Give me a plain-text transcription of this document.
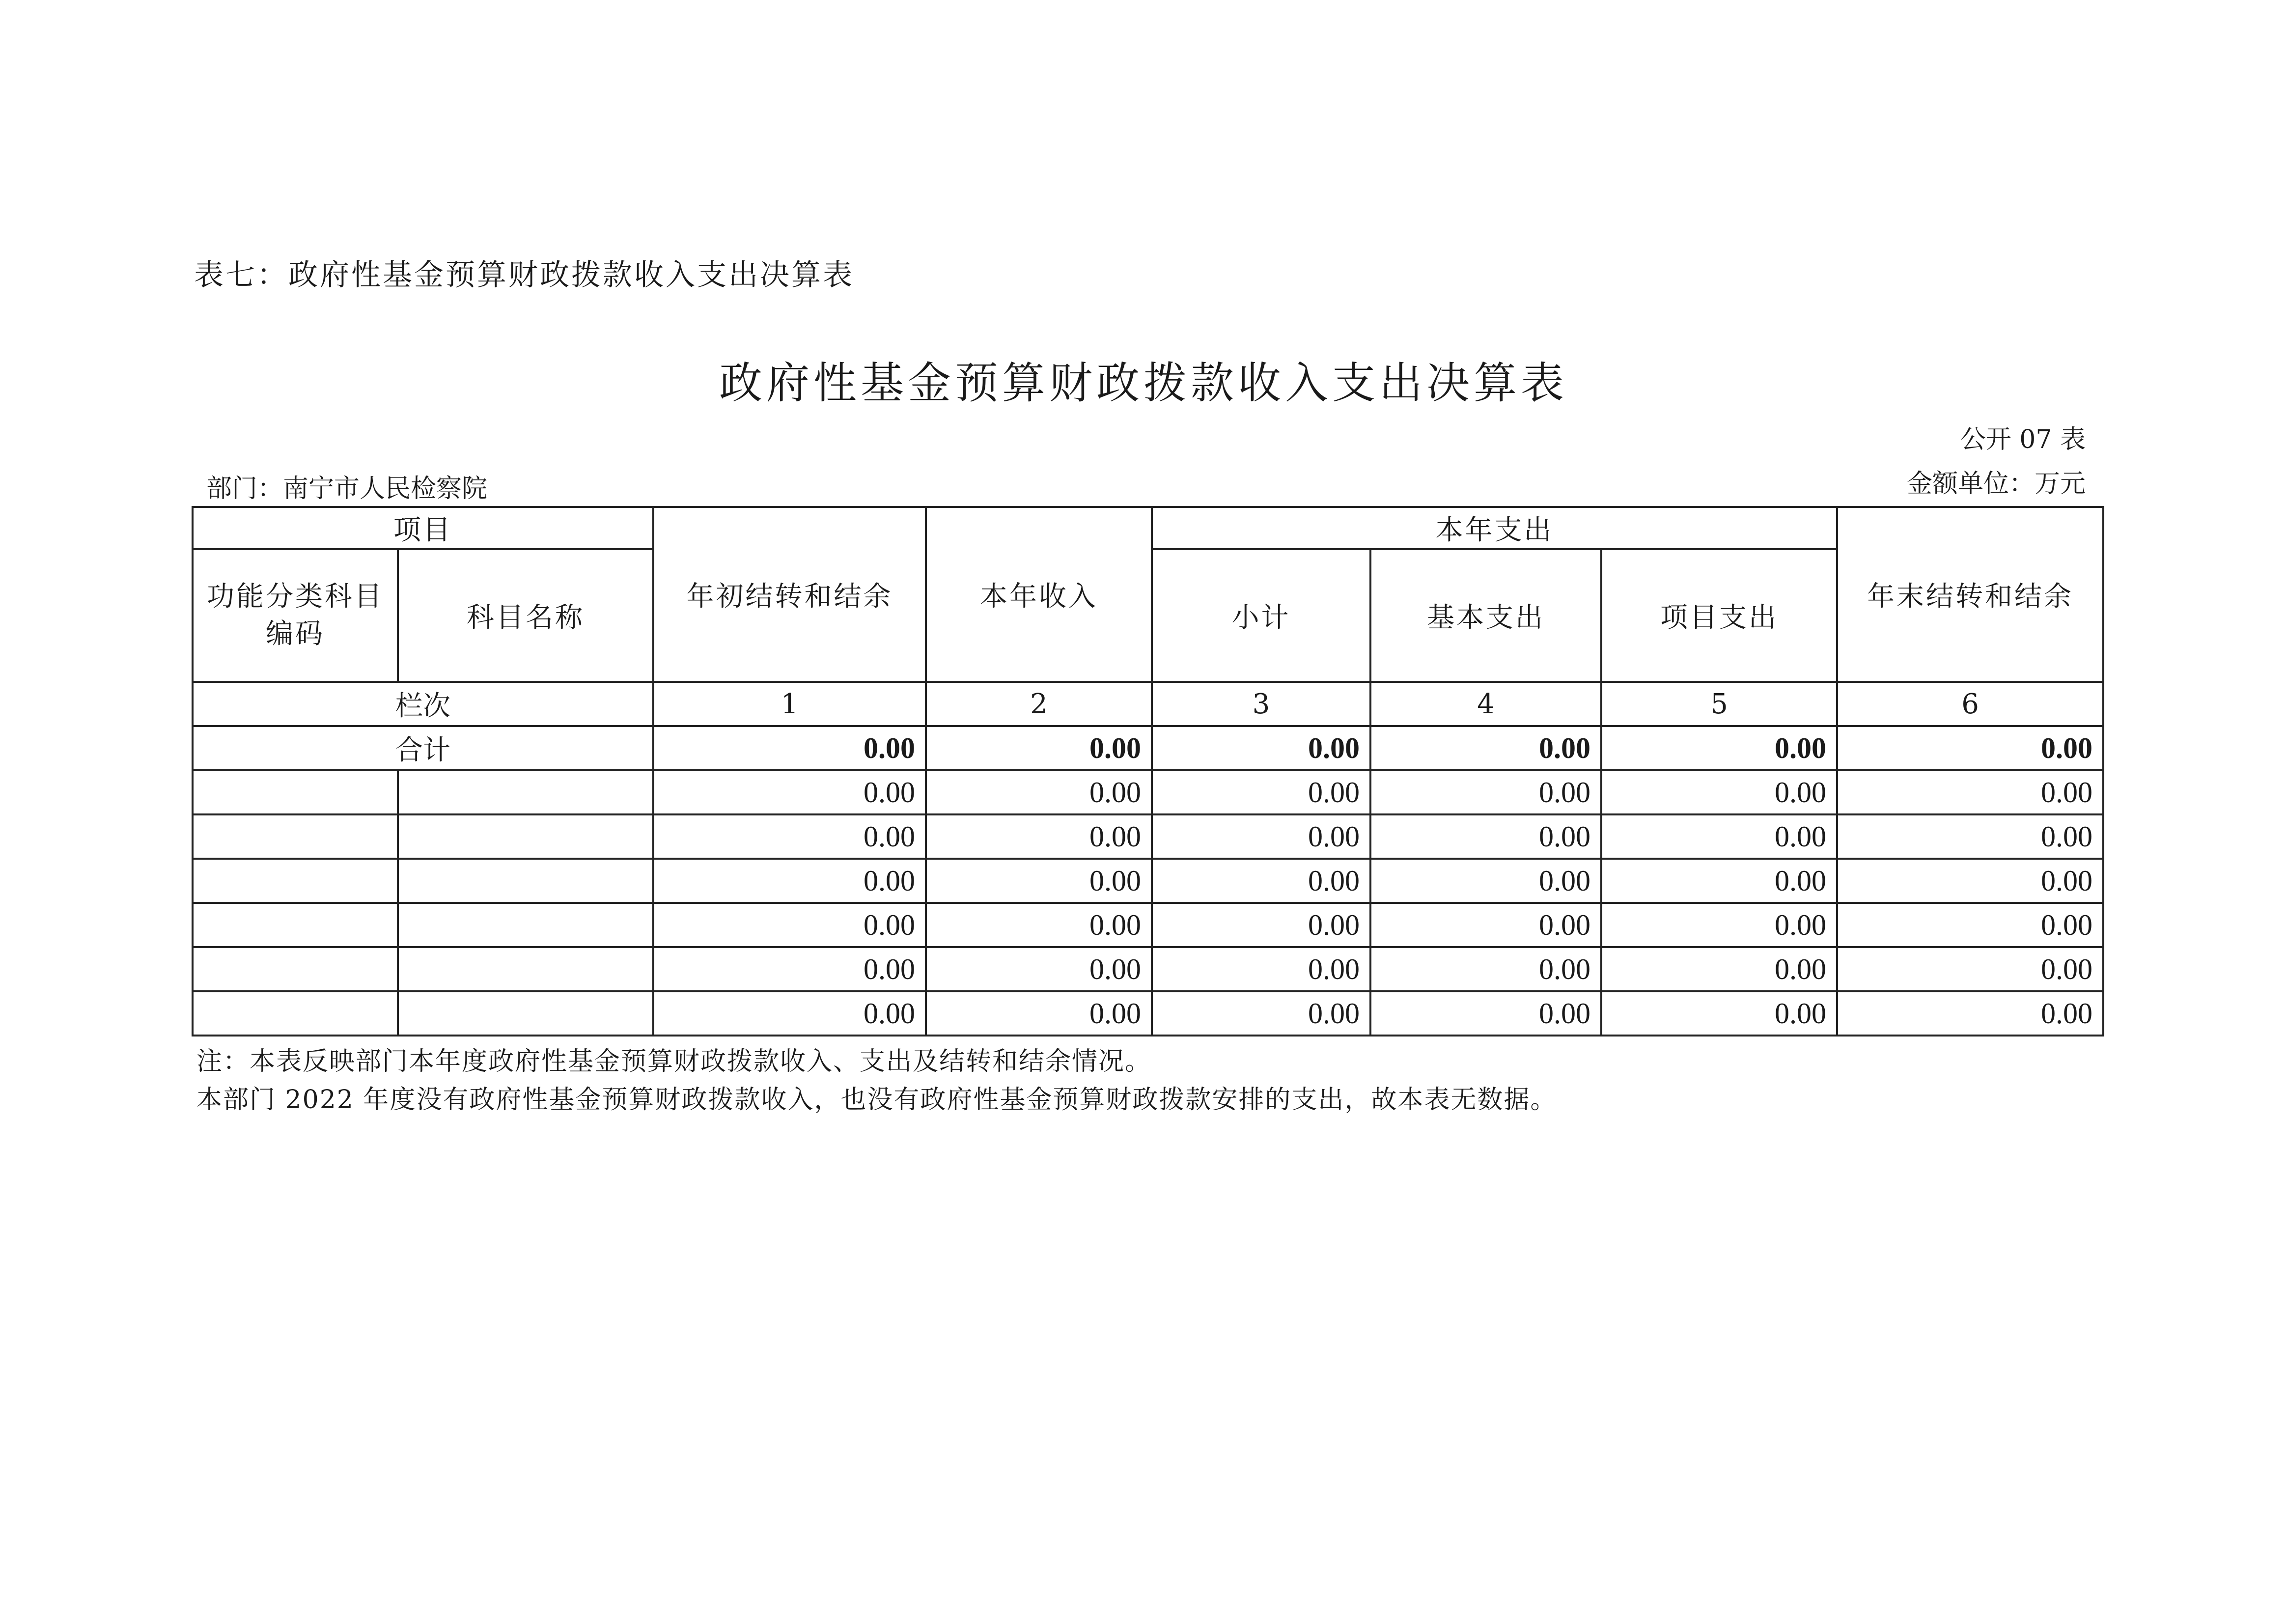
表七：政府性基金预算财政拨款收入支出决算表
政府性基金预算财政拨款收入支出决算表
公开 07 表
部门：南宁市人民检察院	金额单位：万元
项目		年初结转和结余	本年收入	本年支出			年末结转和结余
功能分类科目编码	科目名称			小计	基本支出	项目支出	
栏次		1	2	3	4	5	6
合计		0.00	0.00	0.00	0.00	0.00	0.00
		0.00	0.00	0.00	0.00	0.00	0.00
		0.00	0.00	0.00	0.00	0.00	0.00
		0.00	0.00	0.00	0.00	0.00	0.00
		0.00	0.00	0.00	0.00	0.00	0.00
		0.00	0.00	0.00	0.00	0.00	0.00
		0.00	0.00	0.00	0.00	0.00	0.00
注：本表反映部门本年度政府性基金预算财政拨款收入、支出及结转和结余情况。
本部门 2022 年度没有政府性基金预算财政拨款收入，也没有政府性基金预算财政拨款安排的支出，故本表无数据。
